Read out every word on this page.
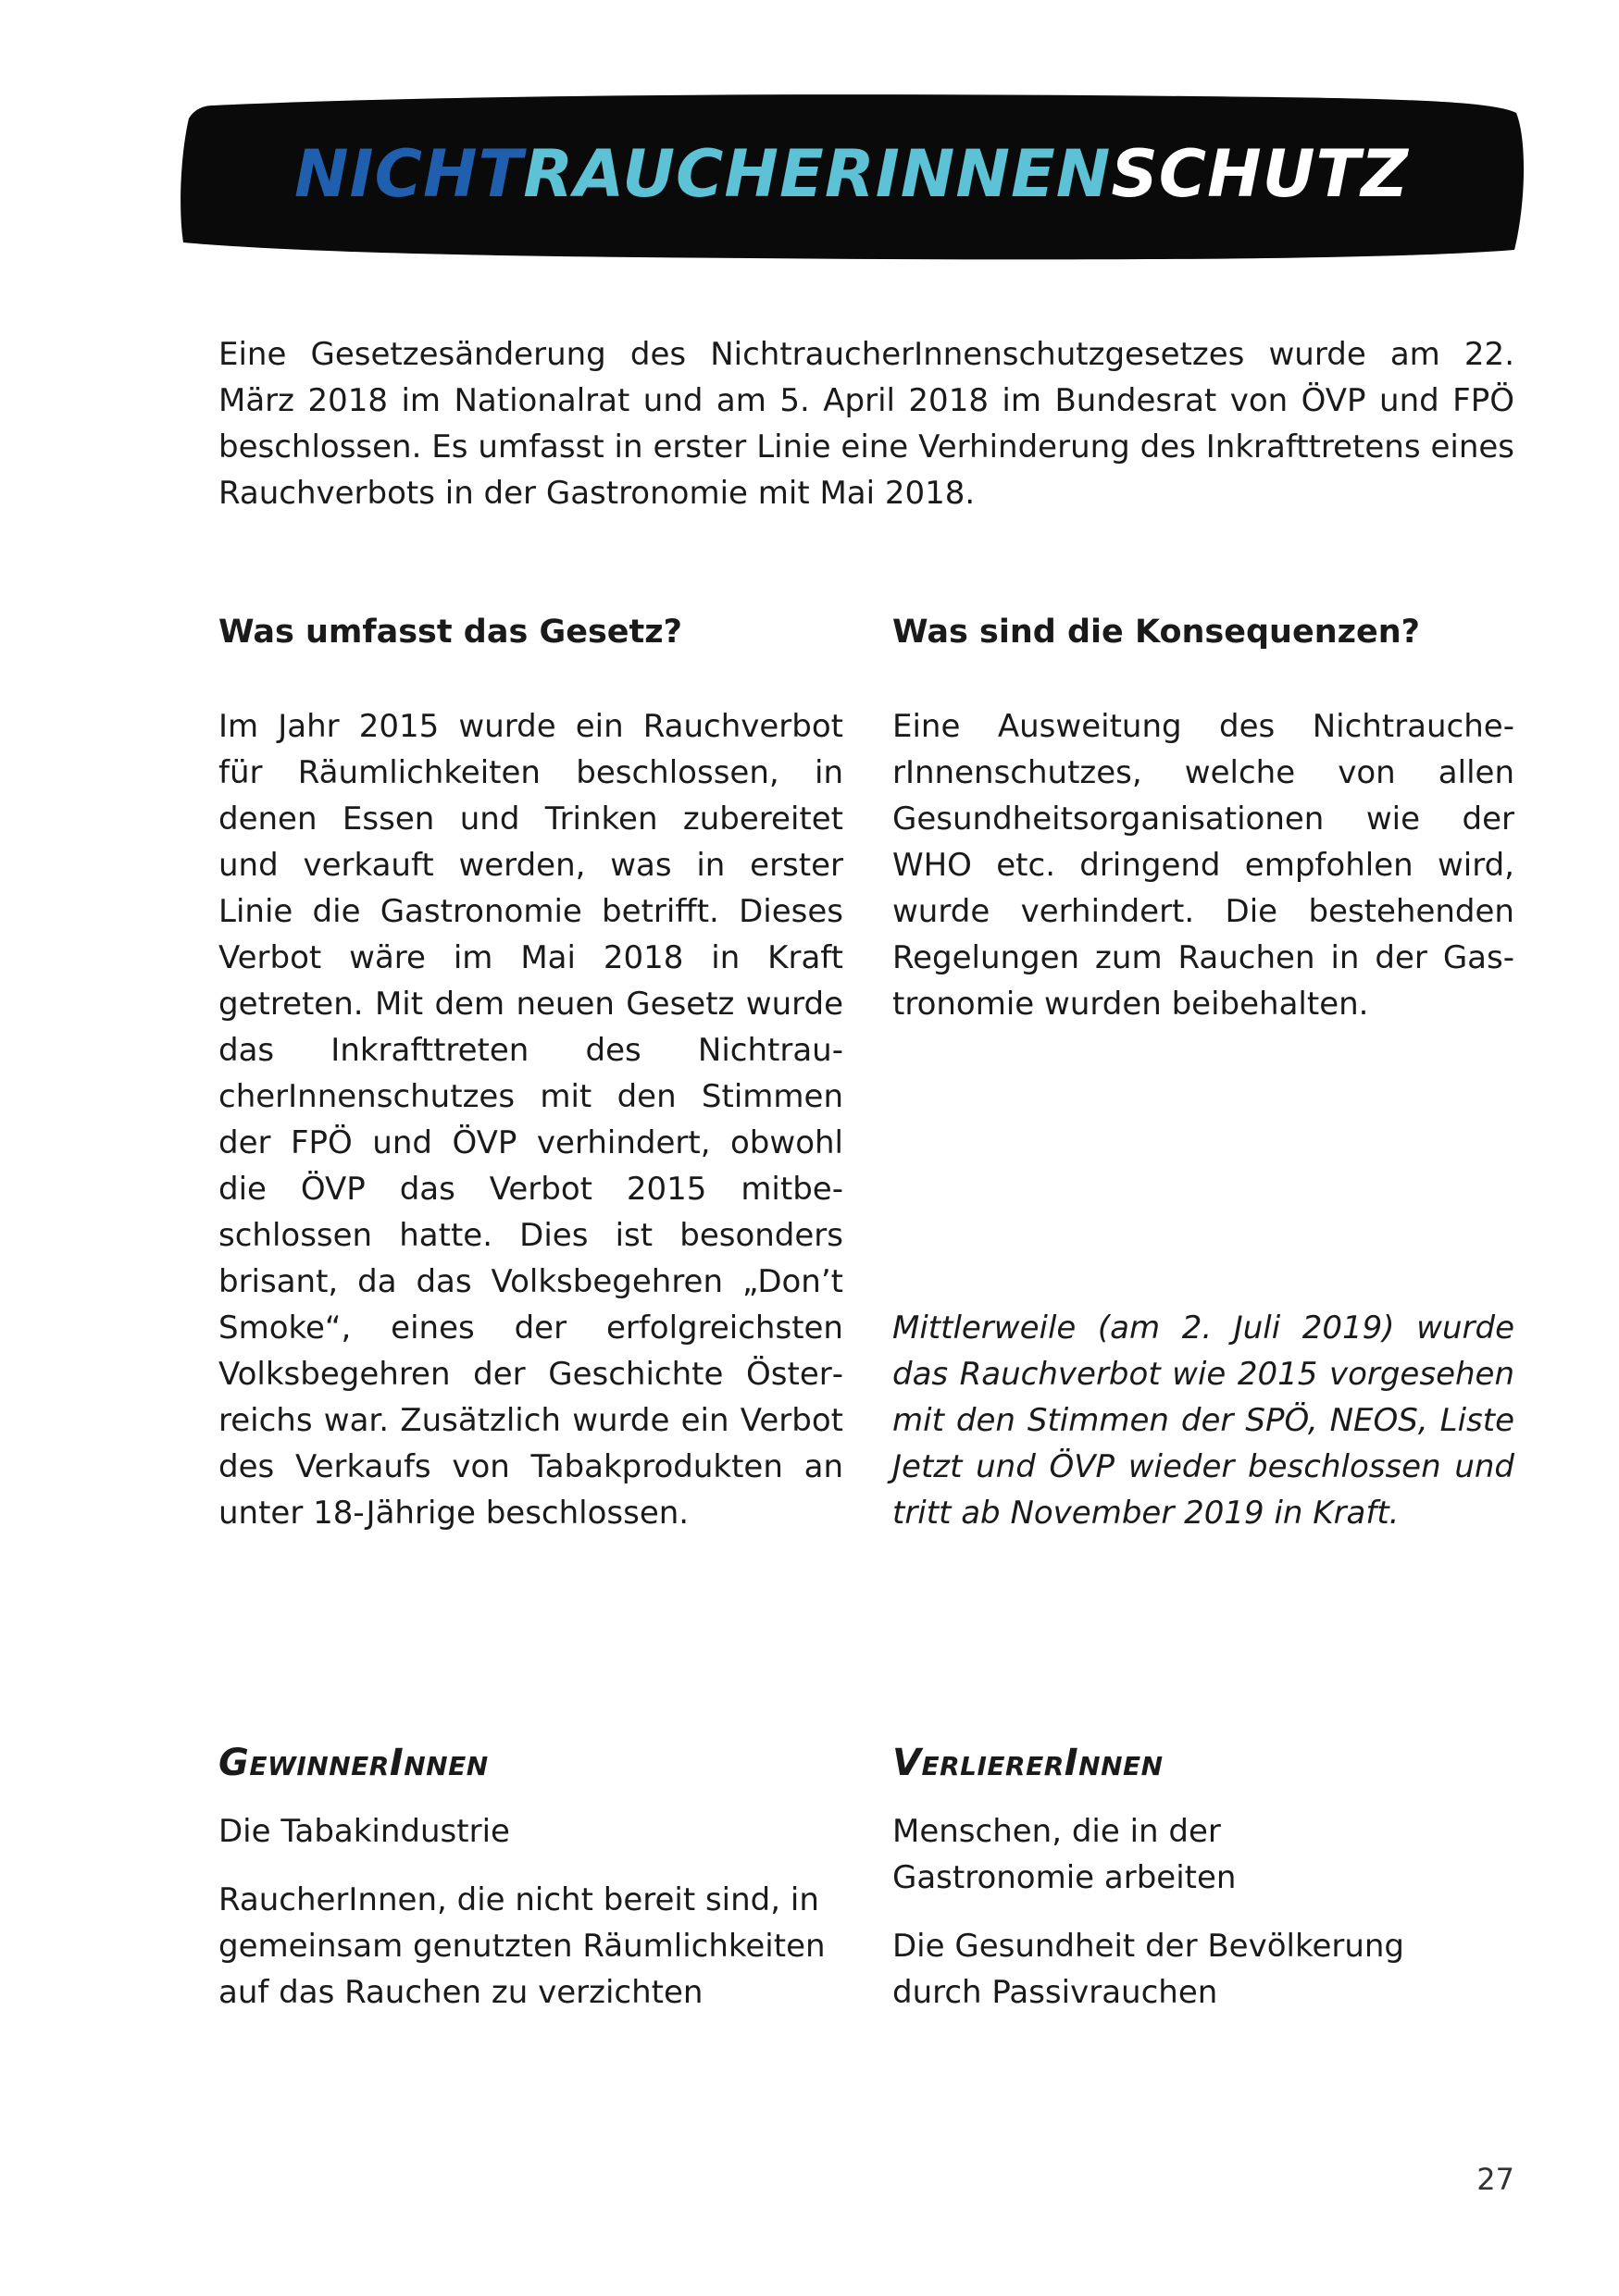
NICHT RAUCHERINNEN SCHUTZ

Eine Gesetzesänderung des NichtraucherInnenschutzgesetzes wurde am 22. März 2018 im Nationalrat und am 5. April 2018 im Bundesrat von ÖVP und FPÖ beschlossen. Es umfasst in erster Linie eine Verhinderung des Inkrafttretens eines Rauchverbots in der Gastronomie mit Mai 2018.

Was umfasst das Gesetz?	Was sind die Konsequenzen?

Im Jahr 2015 wurde ein Rauchverbot für Räumlichkeiten beschlossen, in denen Essen und Trinken zubereitet und verkauft werden, was in erster Linie die Gastronomie betrifft. Dieses Verbot wäre im Mai 2018 in Kraft getreten. Mit dem neuen Gesetz wurde das Inkrafttreten des NichtraucherInnenschutzes mit den Stimmen der FPÖ und ÖVP verhindert, obwohl die ÖVP das Verbot 2015 mitbeschlossen hatte. Dies ist besonders brisant, da das Volksbegehren „Don’t Smoke“, eines der erfolgreichsten Volksbegehren der Geschichte Österreichs war. Zusätzlich wurde ein Verbot des Verkaufs von Tabakprodukten an unter 18-Jährige beschlossen.

Eine Ausweitung des NichtraucherInnenschutzes, welche von allen Gesundheitsorganisationen wie der WHO etc. dringend empfohlen wird, wurde verhindert. Die bestehenden Regelungen zum Rauchen in der Gastronomie wurden beibehalten.

Mittlerweile (am 2. Juli 2019) wurde das Rauchverbot wie 2015 vorgesehen mit den Stimmen der SPÖ, NEOS, Liste Jetzt und ÖVP wieder beschlossen und tritt ab November 2019 in Kraft.

GewinnerInnen

Die Tabakindustrie

RaucherInnen, die nicht bereit sind, in gemeinsam genutzten Räumlichkeiten auf das Rauchen zu verzichten

VerliererInnen

Menschen, die in der Gastronomie arbeiten

Die Gesundheit der Bevölkerung durch Passivrauchen

27
